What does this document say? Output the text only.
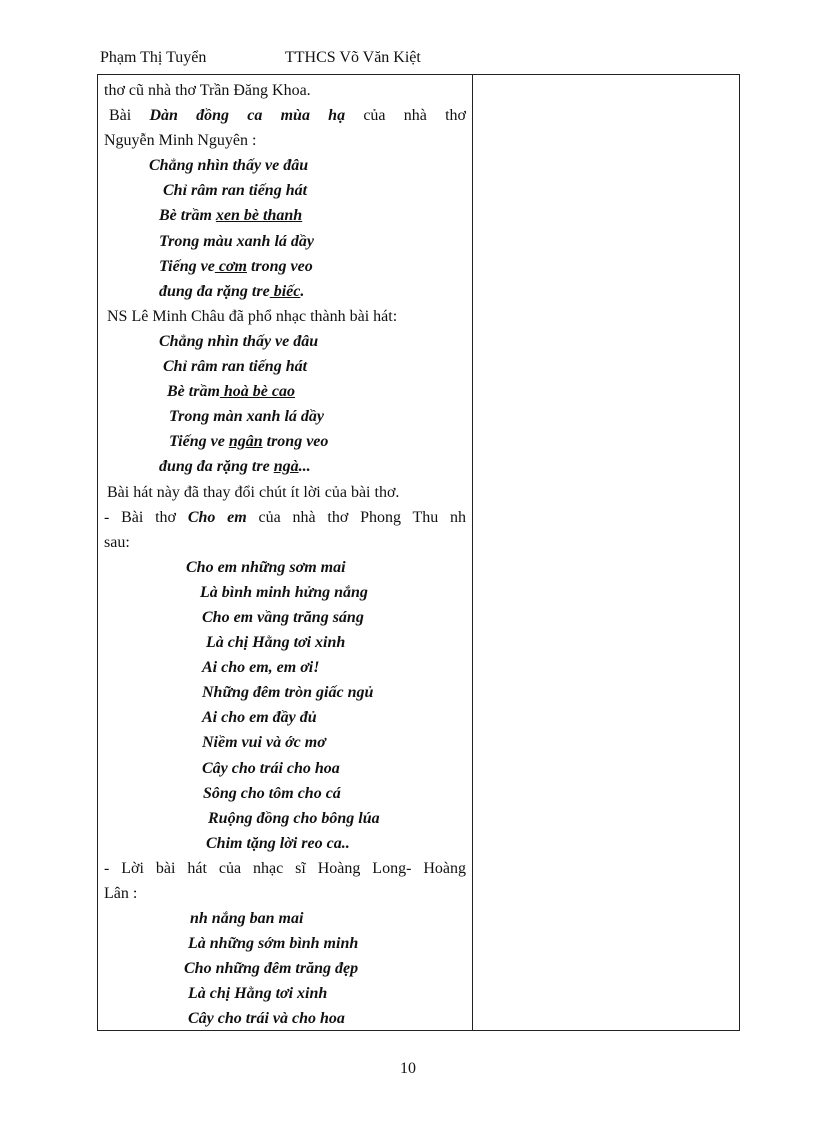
Phạm Thị Tuyển	TTHCS Võ Văn Kiệt
thơ cũ nhà thơ Trần Đăng Khoa.
Bài Dàn đồng ca mùa hạ của nhà thơ
Nguyễn Minh Nguyên :
Chẳng nhìn thấy ve đâu
Chỉ râm ran tiếng hát
Bè trầm xen bè thanh
Trong màu xanh lá dầy
Tiếng ve cơm trong veo
đung đa rặng tre biếc.
NS Lê Minh Châu đã phổ nhạc thành bài hát:
Chẳng nhìn thấy ve đâu
Chỉ râm ran tiếng hát
Bè trầm hoà bè cao
Trong màn xanh lá dầy
Tiếng ve ngân trong veo
đung đa rặng tre ngà...
Bài hát này đã thay đổi chút ít lời của bài thơ.
- Bài thơ Cho em của nhà thơ Phong Thu nh
sau:
Cho em những sơm mai
Là bình minh hửng nắng
Cho em vầng trăng sáng
Là chị Hằng tơi xinh
Ai cho em, em ơi!
Những đêm tròn giấc ngủ
Ai cho em đầy đủ
Niềm vui và ớc mơ
Cây cho trái cho hoa
Sông cho tôm cho cá
Ruộng đồng cho bông lúa
Chim tặng lời reo ca..
- Lời bài hát của nhạc sĩ Hoàng Long- Hoàng
Lân :
nh nắng ban mai
Là những sớm bình minh
Cho những đêm trăng đẹp
Là chị Hằng tơi xinh
Cây cho trái và cho hoa
10
